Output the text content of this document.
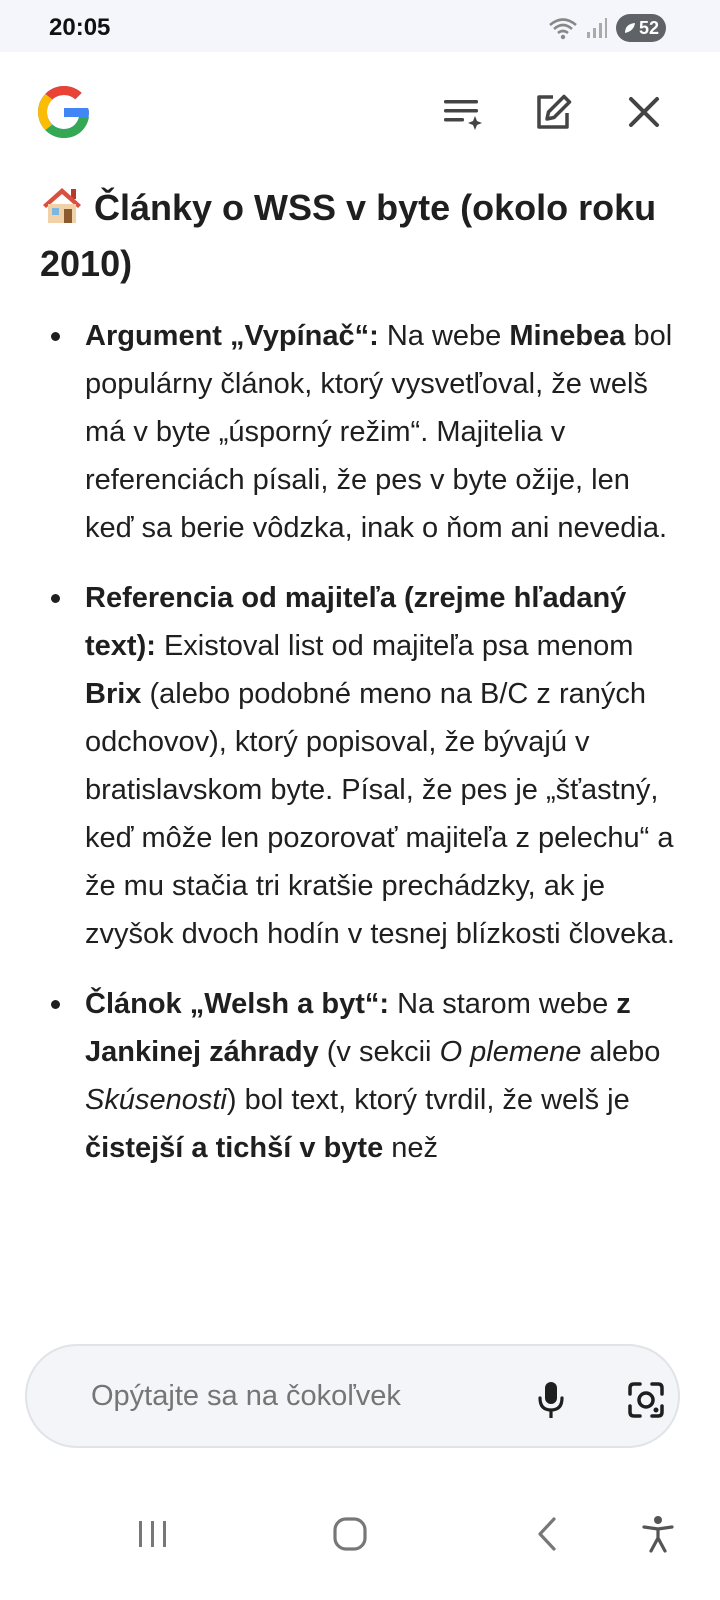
20:05	52
Články o WSS v byte (okolo roku 2010)
Argument „Vypínač“: Na webe Minebea bol populárny článok, ktorý vysvetľoval, že welš má v byte „úsporný režim“. Majitelia v referenciách písali, že pes v byte ožije, len keď sa berie vôdzka, inak o ňom ani nevedia.
Referencia od majiteľa (zrejme hľadaný text): Existoval list od majiteľa psa menom Brix (alebo podobné meno na B/C z raných odchovov), ktorý popisoval, že bývajú v bratislavskom byte. Písal, že pes je „šťastný, keď môže len pozorovať majiteľa z pelechu“ a že mu stačia tri kratšie prechádzky, ak je zvyšok dvoch hodín v tesnej blízkosti človeka.
Článok „Welsh a byt“: Na starom webe z Jankinej záhrady (v sekcii O plemene alebo Skúsenosti) bol text, ktorý tvrdil, že welš je čistejší a tichší v byte než
Opýtajte sa na čokoľvek
